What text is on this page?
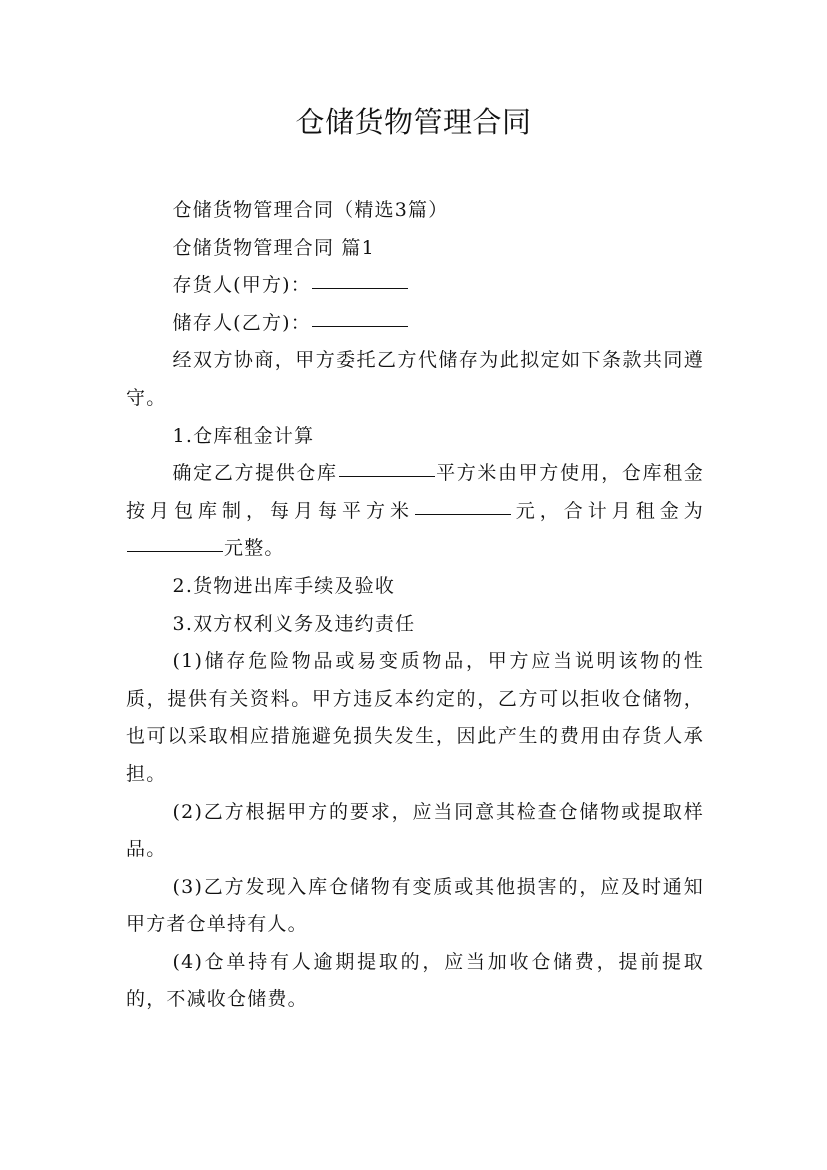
仓储货物管理合同

仓储货物管理合同（精选3篇）

仓储货物管理合同 篇1

存货人(甲方)：

储存人(乙方)：

经双方协商，甲方委托乙方代储存为此拟定如下条款共同遵守。

1.仓库租金计算

确定乙方提供仓库	平方米由甲方使用，仓库租金按月包库制，每月每平方米	元，合计月租金为元整。

2.货物进出库手续及验收

3.双方权利义务及违约责任

(1)储存危险物品或易变质物品，甲方应当说明该物的性质，提供有关资料。甲方违反本约定的，乙方可以拒收仓储物，也可以采取相应措施避免损失发生，因此产生的费用由存货人承担。

(2)乙方根据甲方的要求，应当同意其检查仓储物或提取样品。

(3)乙方发现入库仓储物有变质或其他损害的，应及时通知甲方者仓单持有人。

(4)仓单持有人逾期提取的，应当加收仓储费，提前提取的，不减收仓储费。
